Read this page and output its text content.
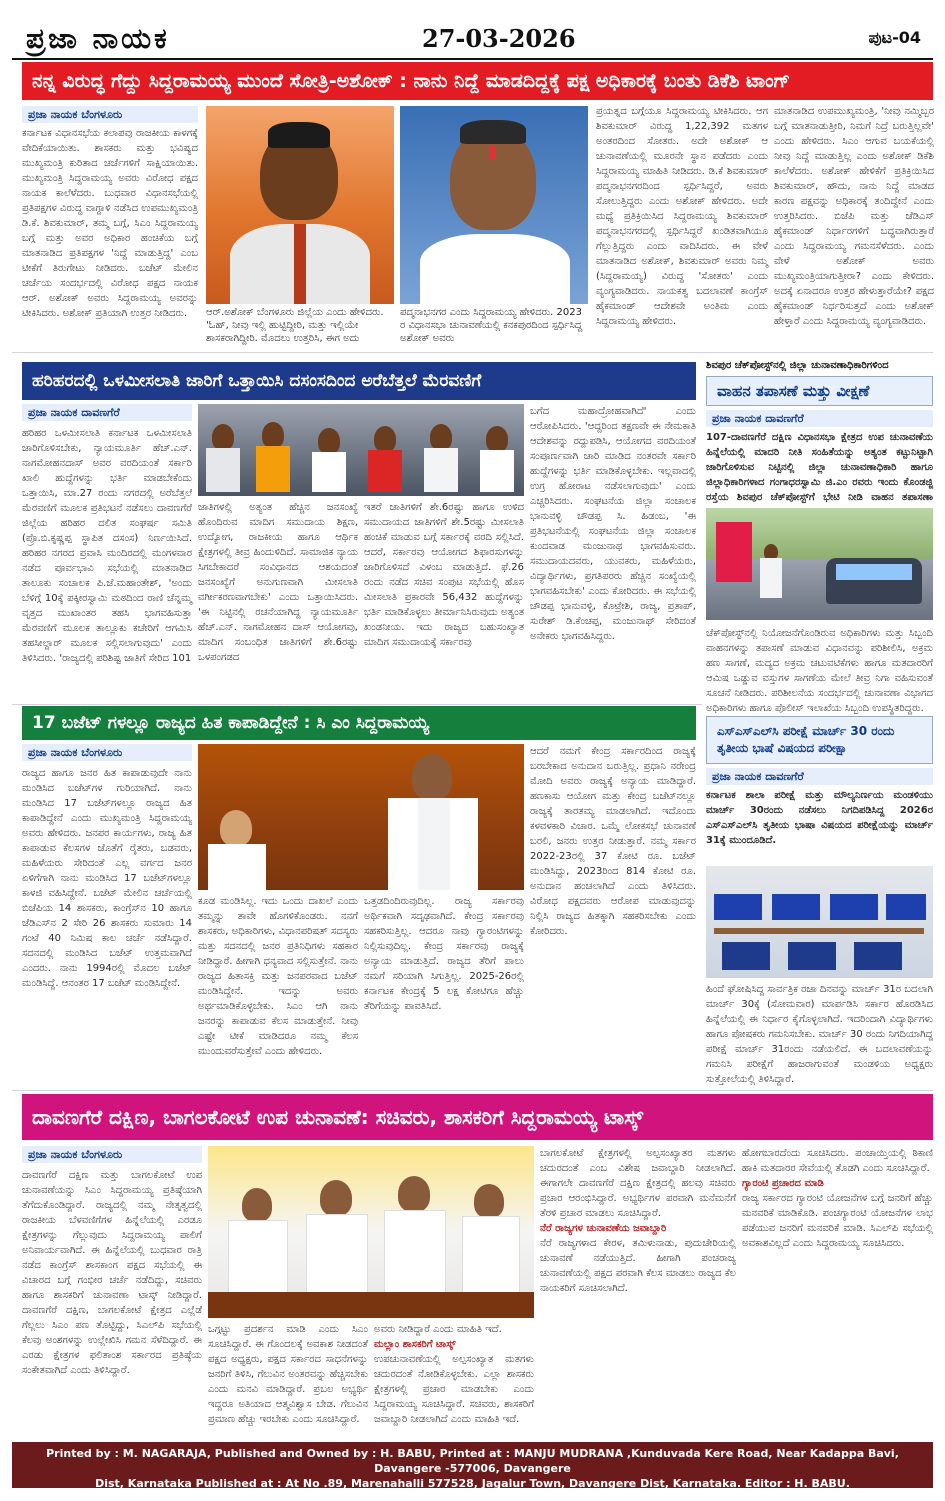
ಪ್ರಜಾ ನಾಯಕ	27-03-2026	ಪುಟ-04
ನನ್ನ ವಿರುದ್ಧ ಗೆದ್ದು ಸಿದ್ದರಾಮಯ್ಯ ಮುಂದೆ ಸೋತ್ರಿ-ಅಶೋಕ್ : ನಾನು ನಿದ್ದೆ ಮಾಡದಿದ್ದಕ್ಕೆ ಪಕ್ಷ ಅಧಿಕಾರಕ್ಕೆ ಬಂತು ಡಿಕೆಶಿ ಟಾಂಗ್
ಪ್ರಜಾ ನಾಯಕ ಬೆಂಗಳೂರು
ಕರ್ನಾಟಕ ವಿಧಾನಸಭೆಯ ಕಲಾಪವು ರಾಜಕೀಯ ಕಾಳಗಕ್ಕೆ ವೇದಿಕೆಯಾಯಿತು. ಶಾಸಕರು ಮತ್ತು ಭವಿಷ್ಯದ ಮುಖ್ಯಮಂತ್ರಿ ಕುರಿತಾದ ಚರ್ಚೆಗಳಿಗೆ ಸಾಕ್ಷಿಯಾಯಿತು. ಮುಖ್ಯಮಂತ್ರಿ ಸಿದ್ದರಾಮಯ್ಯ ಅವರು ವಿರೋಧ ಪಕ್ಷದ ನಾಯಕ ಕಾಲೆಳೆದರು. ಬುಧವಾರ ವಿಧಾನಸಭೆಯಲ್ಲಿ ಪ್ರತಿಪಕ್ಷಗಳ ವಿರುದ್ಧ ವಾಗ್ದಾಳಿ ನಡೆಸಿದ ಉಪಮುಖ್ಯಮಂತ್ರಿ ಡಿ.ಕೆ. ಶಿವಕುಮಾರ್, ತಮ್ಮ ಬಗ್ಗೆ, ಸಿಎಂ ಸಿದ್ದರಾಮಯ್ಯ ಬಗ್ಗೆ ಮತ್ತು ಅವರ ಅಧಿಕಾರ ಹಂಚಿಕೆಯ ಬಗ್ಗೆ ಮಾತನಾಡಿದ ಪ್ರತಿಪಕ್ಷಗಳ 'ನಿದ್ದೆ ಮಾಡುತ್ತಿದ್ದ' ಎಂಬ ಟೀಕೆಗೆ ತಿರುಗೇಟು ನೀಡಿದರು. ಬಜೆಟ್ ಮೇಲಿನ ಚರ್ಚೆಯ ಸಂದರ್ಭದಲ್ಲಿ ವಿರೋಧ ಪಕ್ಷದ ನಾಯಕ ಆರ್. ಅಶೋಕ್ ಅವರು ಸಿದ್ದರಾಮಯ್ಯ ಅವರನ್ನು ಟೀಕಿಸಿದರು. ಅಶೋಕ್ ಪ್ರತಿಯಾಗಿ ಉತ್ತರ ನೀಡಿದರು.	ಆರ್.ಅಶೋಕ್ ಬೆಂಗಳೂರು ಜಿಲ್ಲೆಯ ಎಂದು ಹೇಳಿದರು. 'ಓಹ್, ನೀವು ಇಲ್ಲಿ ಹುಟ್ಟಿದ್ದೀರಿ, ಮತ್ತು ಇಲ್ಲಿಯೇ ಶಾಸಕರಾಗಿದ್ದೀರಿ. ಮೊದಲು ಉತ್ತರಿಸಿ, ಈಗ ಅದು
ಪದ್ಮನಾಭನಗರ ಎಂದು ಸಿದ್ದರಾಮಯ್ಯ ಹೇಳಿದರು. 2023 ರ ವಿಧಾನಸಭಾ ಚುನಾವಣೆಯಲ್ಲಿ ಕನಕಪುರದಿಂದ ಸ್ಪರ್ಧಿಸಿದ್ದ ಅಶೋಕ್ ಅವರು
ಪ್ರಯತ್ನದ ಬಗ್ಗೆಯೂ ಸಿದ್ದರಾಮಯ್ಯ ಟೀಕಿಸಿದರು. ಆಗ ಶಿವಕುಮಾರ್ ವಿರುದ್ಧ 1,22,392 ಮತಗಳ ಅಂತರದಿಂದ ಸೋತರು. ಅದೇ ಅಶೋಕ್ ಆ ಚುನಾವಣೆಯಲ್ಲಿ ಮೂರನೇ ಸ್ಥಾನ ಪಡೆದರು ಎಂದು ಸಿದ್ದರಾಮಯ್ಯ ಮಾಹಿತಿ ನೀಡಿದರು. ಡಿ.ಕೆ ಶಿವಕುಮಾರ್ ಪದ್ಮನಾಭನಗರದಿಂದ ಸ್ಪರ್ಧಿಸಿದ್ದರೆ, ಅವರು ಸೋಲುತ್ತಿದ್ದರು ಎಂದು ಅಶೋಕ್ ಹೇಳಿದರು. ಅದೇ ಮಧ್ಯೆ ಪ್ರತಿಕ್ರಿಯಿಸಿದ ಸಿದ್ದರಾಮಯ್ಯ ಶಿವಕುಮಾರ್ ಪದ್ಮನಾಭನಗರದಲ್ಲಿ ಸ್ಪರ್ಧಿಸಿದ್ದರೆ ಖಂಡಿತವಾಗಿಯೂ ಗೆಲ್ಲುತ್ತಿದ್ದರು ಎಂದು ವಾದಿಸಿದರು. ಈ ವೇಳೆ ಮಾತನಾಡಿದ ಅಶೋಕ್, ಶಿವಕುಮಾರ್ ಅವರು ನಿಮ್ಮ (ಸಿದ್ದರಾಮಯ್ಯ) ವಿರುದ್ಧ 'ಸೋತರು' ಎಂದು ವ್ಯಂಗ್ಯವಾಡಿದರು. ನಾಯಕತ್ವ ಬದಲಾವಣೆ ಕಾಂಗ್ರೆಸ್ ಹೈಕಮಾಂಡ್ ಆದೇಶವೇ ಅಂತಿಮ ಎಂದು ಸಿದ್ದರಾಮಯ್ಯ ಹೇಳಿದರು.
ಮಾತನಾಡಿದ ಉಪಮುಖ್ಯಮಂತ್ರಿ, 'ನೀವು ನಮ್ಮಿಬ್ಬರ ಬಗ್ಗೆ ಮಾತನಾಡುತ್ತೀರಿ, ನಿಮಗೆ ನಿದ್ರೆ ಬರುತ್ತಿಲ್ಲವೇ' ಎಂದು ಹೇಳಿದರು. ಸಿಎಂ ಆಗುವ ಬಯಕೆಯಲ್ಲಿ ನೀವು ನಿದ್ದೆ ಮಾಡುತ್ತಿಲ್ಲ ಎಂದು ಅಶೋಕ್ ಡಿಕೆಶಿ ಕಾಲೆಳೆದರು. ಅಶೋಕ್ ಹೇಳಿಕೆಗೆ ಪ್ರತಿಕ್ರಿಯಿಸಿದ ಶಿವಕುಮಾರ್, ಹೌದು, ನಾನು ನಿದ್ದೆ ಮಾಡದ ಕಾರಣ ಪಕ್ಷವನ್ನು ಅಧಿಕಾರಕ್ಕೆ ತಂದಿದ್ದೇನೆ ಎಂದು ಉತ್ತರಿಸಿದರು. ಬಿಜೆಪಿ ಮತ್ತು ಜೆಡಿಎಸ್ ಹೈಕಮಾಂಡ್ ನಿರ್ಧಾರಗಳಿಗೆ ಬದ್ಧವಾಗಿರುತ್ತಾರೆ ಎಂದು ಸಿದ್ದರಾಮಯ್ಯ ಗಮನಸೆಳೆದರು. ಎಂದು ವೇಳೆ ಅಶೋಕ್ ಅವರು ಮುಖ್ಯಮಂತ್ರಿಯಾಗುತ್ತೀರಾ? ಎಂದು ಕೇಳಿದರು. ಅದಕ್ಕೆ ಏನಾದರೂ ಉತ್ತರ ಹೇಳುತ್ತಾರೆಯೇ? ಪಕ್ಷದ ಹೈಕಮಾಂಡ್ ನಿರ್ಧರಿಸುತ್ತದೆ ಎಂದು ಅಶೋಕ್ ಹೇಳ್ತಾರೆ ಎಂದು ಸಿದ್ದರಾಮಯ್ಯ ವ್ಯಂಗ್ಯವಾಡಿದರು.
ಹರಿಹರದಲ್ಲಿ ಒಳಮೀಸಲಾತಿ ಜಾರಿಗೆ ಒತ್ತಾಯಿಸಿ ದಸಂಸದಿಂದ ಅರೆಬೆತ್ತಲೆ ಮೆರವಣಿಗೆ
ಪ್ರಜಾ ನಾಯಕ ದಾವಣಗೆರೆ
ಹರಿಹರ ಒಳಮೀಸಲಾತಿ ಕರ್ನಾಟಕ ಒಳಮೀಸಲಾತಿ ಜಾರಿಗೊಳಿಸಬೇಕು, ನ್ಯಾಯಮೂರ್ತಿ ಹೆಚ್.ಎನ್. ನಾಗಮೋಹನದಾಸ್ ಅವರ ವರದಿಯಂತೆ ಸರ್ಕಾರಿ ಖಾಲಿ ಹುದ್ದೆಗಳನ್ನು ಭರ್ತಿ ಮಾಡಬೇಕೆಂದು ಒತ್ತಾಯಿಸಿ, ಮಾ.27 ರಂದು ನಗರದಲ್ಲಿ ಅರೆಬೆತ್ತಲೆ ಮೆರವಣಿಗೆ ಮೂಲಕ ಪ್ರತಿಭಟನೆ ನಡೆಸಲು ದಾವಣಗೆರೆ ಜಿಲ್ಲೆಯ ಹರಿಹರ ದಲಿತ ಸಂಘರ್ಷ ಸಮಿತಿ (ಪ್ರೊ.ಬಿ.ಕೃಷ್ಣಪ್ಪ ಸ್ಥಾಪಿತ ದಸಂಸ) ನಿರ್ಣಯಿಸಿದೆ. ಹರಿಹರ ನಗರದ ಪ್ರವಾಸಿ ಮಂದಿರದಲ್ಲಿ ಮಂಗಳವಾರ ನಡೆದ ಪೂರ್ವಭಾವಿ ಸಭೆಯಲ್ಲಿ ಮಾತನಾಡಿದ ತಾಲೂಕು ಸಂಚಾಲಕ ಪಿ.ಜೆ.ಮಹಾಂತೇಶ್, 'ಅಂದು ಬೆಳಿಗ್ಗೆ 10ಕ್ಕೆ ಪಕ್ಕೀರಸ್ವಾಮಿ ಮಠದಿಂದ ರಾಣಿ ಚೆನ್ನಮ್ಮ ವೃತ್ತದ ಮುಖಾಂತರ ತಹಸಿ ಭಾಗವಹಿಸುತ್ತಾ ಮೆರವಣಿಗೆ ಮೂಲಕ ತಾಲ್ಲೂಕು ಕಚೇರಿಗೆ ಆಗಮಿಸಿ ತಹಸೀಲ್ದಾರ್ ಮೂಲಕ ಸಲ್ಲಿಸಲಾಗುವುದು' ಎಂದು ತಿಳಿಸಿದರು. 'ರಾಜ್ಯದಲ್ಲಿ ಪರಿಶಿಷ್ಟ ಜಾತಿಗೆ ಸೇರಿದ 101
ಜಾತಿಗಳಲ್ಲಿ ಅತ್ಯಂತ ಹೆಚ್ಚಿನ ಜನಸಂಖ್ಯೆ ಹೊಂದಿರುವ ಮಾದಿಗ ಸಮುದಾಯ ಶಿಕ್ಷಣ, ಉದ್ಯೋಗ, ರಾಜಕೀಯ ಹಾಗೂ ಆರ್ಥಿಕ ಕ್ಷೇತ್ರಗಳಲ್ಲಿ ತೀವ್ರ ಹಿಂದುಳಿದಿದೆ. ಸಾಮಾಜಿಕ ನ್ಯಾಯ ಸಿಗಬೇಕಾದರೆ ಸಂವಿಧಾನದ ಆಶಯದಂತೆ ಜನಸಂಖ್ಯೆಗೆ ಅನುಗುಣವಾಗಿ ಮೀಸಲಾತಿ ವರ್ಗೀಕರಣವಾಗಬೇಕು' ಎಂದು ಒತ್ತಾಯಿಸಿದರು. 'ಈ ನಿಟ್ಟಿನಲ್ಲಿ ರಚನೆಯಾಗಿದ್ದ ನ್ಯಾಯಮೂರ್ತಿ ಹೆಚ್.ಎನ್. ನಾಗಮೋಹನ ದಾಸ್ ಆಯೋಗವು, ಮಾದಿಗ ಸಂಬಂಧಿತ ಜಾತಿಗಳಿಗೆ ಶೇ.6ರಷ್ಟು ಒಳಪಂಗಡದ
ಇತರೆ ಜಾತಿಗಳಿಗೆ ಶೇ.6ರಷ್ಟು ಹಾಗೂ ಉಳಿದ ಸಮುದಾಯದ ಜಾತಿಗಳಿಗೆ ಶೇ.5ರಷ್ಟು ಮೀಸಲಾತಿ ಹಂಚಿಕೆ ಮಾಡುವ ಬಗ್ಗೆ ಸರ್ಕಾರಕ್ಕೆ ವರದಿ ಸಲ್ಲಿಸಿದೆ. ಆದರೆ, ಸರ್ಕಾರವು ಆಯೋಗದ ಶಿಫಾರಸುಗಳನ್ನು ಜಾರಿಗೊಳಿಸದೆ ವಿಳಂಬ ಮಾಡುತ್ತಿದೆ. ಫೆ.26 ರಂದು ನಡೆದ ಸಚಿವ ಸಂಪುಟ ಸಭೆಯಲ್ಲಿ ಹೊಸ ಮೀಸಲಾತಿ ಪ್ರಕಾರವೇ 56,432 ಹುದ್ದೆಗಳನ್ನು ಭರ್ತಿ ಮಾಡಿಕೊಳ್ಳಲು ತೀರ್ಮಾನಿಸಿರುವುದು ಅತ್ಯಂತ ಖಂಡನೀಯ. ಇದು ರಾಜ್ಯದ ಬಹುಸಂಖ್ಯಾತ ಮಾದಿಗ ಸಮುದಾಯಕ್ಕೆ ಸರ್ಕಾರವು
ಬಗೆದ ಮಹಾದ್ರೋಹವಾಗಿದೆ' ಎಂದು ಆರೋಪಿಸಿದರು. 'ಆದ್ದರಿಂದ ತಕ್ಷಣವೇ ಈ ನೇಮಕಾತಿ ಆದೇಶವನ್ನು ರದ್ದುಪಡಿಸಿ, ಆಯೋಗದ ವರದಿಯಂತೆ ಸಂಪೂರ್ಣವಾಗಿ ಜಾರಿ ಮಾಡಿದ ನಂತರವೇ ಸರ್ಕಾರಿ ಹುದ್ದೆಗಳನ್ನು ಭರ್ತಿ ಮಾಡಿಕೊಳ್ಳಬೇಕು. ಇಲ್ಲವಾದಲ್ಲಿ ಉಗ್ರ ಹೋರಾಟ ನಡೆಸಲಾಗುವುದು' ಎಂದು ಎಚ್ಚರಿಸಿದರು. ಸಂಘಟನೆಯ ಜಿಲ್ಲಾ ಸಂಚಾಲಕ ಭಾನುವಳ್ಳಿ ಚೌಡಪ್ಪ ಸಿ. ಹಿಡಂಬ, 'ಈ ಪ್ರತಿಭಟನೆಯಲ್ಲಿ ಸಂಘಟನೆಯ ಜಿಲ್ಲಾ ಸಂಚಾಲಕ ಕುಂದವಾಡ ಮಂಜುನಾಥ ಭಾಗವಹಿಸುವರು. ಸಮುದಾಯದವರು, ಯುವಕರು, ಮಹಿಳೆಯರು, ವಿದ್ಯಾರ್ಥಿಗಳು, ಪ್ರಗತಿಪರರು ಹೆಚ್ಚಿನ ಸಂಖ್ಯೆಯಲ್ಲಿ ಭಾಗವಹಿಸಬೇಕು' ಎಂದು ಕೋರಿದರು. ಈ ಸಭೆಯಲ್ಲಿ ಚೌಡಪ್ಪ ಭಾನುವಳ್ಳಿ, ಕೊಟ್ರೇಶಿ, ರಾಜ್ಯ, ಪ್ರತಾಪ್, ಸುರೇಶ್ ಡಿ.ಕೆಂಚಪ್ಪ, ಮಂಜುನಾಥ್ ಸೇರಿದಂತೆ ಅನೇಕರು ಭಾಗವಹಿಸಿದ್ದರು.
ಶಿವಪುರ ಚೆಕ್‌ಪೋಸ್ಟ್‌ನಲ್ಲಿ ಜಿಲ್ಲಾ ಚುನಾವಣಾಧಿಕಾರಿಗಳಿಂದ
ವಾಹನ ತಪಾಸಣೆ ಮತ್ತು ವೀಕ್ಷಣೆ
ಪ್ರಜಾ ನಾಯಕ ದಾವಣಗೆರೆ
107-ದಾವಣಗೆರೆ ದಕ್ಷಿಣ ವಿಧಾನಸಭಾ ಕ್ಷೇತ್ರದ ಉಪ ಚುನಾವಣೆಯ ಹಿನ್ನೆಲೆಯಲ್ಲಿ ಮಾದರಿ ನೀತಿ ಸಂಹಿತೆಯನ್ನು ಅತ್ಯಂತ ಕಟ್ಟುನಿಟ್ಟಾಗಿ ಜಾರಿಗೊಳಿಸುವ ನಿಟ್ಟಿನಲ್ಲಿ ಜಿಲ್ಲಾ ಚುನಾವಣಾಧಿಕಾರಿ ಹಾಗೂ ಜಿಲ್ಲಾಧಿಕಾರಿಗಳಾದ ಗಂಗಾಧರಸ್ವಾಮಿ ಜಿ.ಎಂ ರವರು ಇಂದು ಕೊಂಡಜ್ಜಿ ರಸ್ತೆಯ ಶಿವಪುರ ಚೆಕ್‌ಪೋಸ್ಟ್‌ಗೆ ಭೇಟಿ ನೀಡಿ ವಾಹನ ತಪಾಸಣಾ
ಚೆಕ್‌ಪೋಸ್ಟ್‌ನಲ್ಲಿ ನಿಯೋಜನೆಗೊಂಡಿರುವ ಅಧಿಕಾರಿಗಳು ಮತ್ತು ಸಿಬ್ಬಂದಿ ವಾಹನಗಳನ್ನು ತಪಾಸಣೆ ಮಾಡುವ ವಿಧಾನವನ್ನು ಪರಿಶೀಲಿಸಿ, ಅಕ್ರಮ ಹಣ ಸಾಗಣೆ, ಮದ್ಯದ ಅಕ್ರಮ ಚಟುವಟಿಕೆಗಳು ಹಾಗೂ ಮತದಾರರಿಗೆ ಆಮಿಷ ಒಡ್ಡುವ ವಸ್ತುಗಳ ಸಾಗಣೆಯ ಮೇಲೆ ತೀವ್ರ ನಿಗಾ ವಹಿಸುವಂತೆ ಸೂಚನೆ ನೀಡಿದರು. ಪರಿಶೀಲನೆಯ ಸಂದರ್ಭದಲ್ಲಿ ಚುನಾವಣಾ ವಿಭಾಗದ ಅಧಿಕಾರಿಗಳು ಹಾಗೂ ಪೊಲೀಸ್ ಇಲಾಖೆಯ ಸಿಬ್ಬಂದಿ ಉಪಸ್ಥಿತರಿದ್ದರು.
17 ಬಜೆಟ್ ಗಳಲ್ಲೂ ರಾಜ್ಯದ ಹಿತ ಕಾಪಾಡಿದ್ದೇನೆ : ಸಿ ಎಂ ಸಿದ್ದರಾಮಯ್ಯ
ಪ್ರಜಾ ನಾಯಕ ಬೆಂಗಳೂರು
ರಾಜ್ಯದ ಹಾಗೂ ಜನರ ಹಿತ ಕಾಪಾಡುವುದೇ ನಾನು ಮಂಡಿಸಿದ ಬಜೆಟ್‌ಗಳ ಗುರಿಯಾಗಿದೆ. ನಾನು ಮಂಡಿಸಿದ 17 ಬಜೆಟ್‌ಗಳಲ್ಲೂ ರಾಜ್ಯದ ಹಿತ ಕಾಪಾಡಿದ್ದೇನೆ ಎಂದು ಮುಖ್ಯಮಂತ್ರಿ ಸಿದ್ದರಾಮಯ್ಯ ಅವರು ಹೇಳಿದರು. ಜನಪರ ಕಾರ್ಯಗಳು, ರಾಜ್ಯ ಹಿತ ಕಾಪಾಡುವ ಕೆಲಸಗಳ ಜೊತೆಗೆ ರೈತರು, ಬಡವರು, ಮಹಿಳೆಯರು ಸೇರಿದಂತೆ ಎಲ್ಲ ವರ್ಗದ ಜನರ ಏಳಿಗೆಗಾಗಿ ನಾನು ಮಂಡಿಸಿದ 17 ಬಜೆಟ್‌ಗಳಲ್ಲೂ ಕಾಳಜಿ ವಹಿಸಿದ್ದೇನೆ. ಬಜೆಟ್ ಮೇಲಿನ ಚರ್ಚೆಯಲ್ಲಿ ಬಿಜೆಪಿಯ 14 ಶಾಸಕರು, ಕಾಂಗ್ರೆಸ್‌ನ 10 ಹಾಗೂ ಜೆಡಿಎಸ್‌ನ 2 ಸೇರಿ 26 ಶಾಸಕರು ಸುಮಾರು 14 ಗಂಟೆ 40 ನಿಮಿಷ ಕಾಲ ಚರ್ಚೆ ನಡೆಸಿದ್ದಾರೆ. ಸದನದಲ್ಲಿ ಮಂಡಿಸಿದ ಬಜೆಟ್ ಉತ್ತಮವಾಗಿದೆ ಎಂದರು. ನಾನು 1994ರಲ್ಲಿ ಮೊದಲ ಬಜೆಟ್ ಮಂಡಿಸಿದ್ದೆ. ಆನಂತರ 17 ಬಜೆಟ್ ಮಂಡಿಸಿದ್ದೇನೆ.
ಕೂಡ ಮಂಡಿಸಿಲ್ಲ. ಇದು ಒಂದು ದಾಖಲೆ ಎಂದು ತಮ್ಮನ್ನು ತಾವೇ ಹೊಗಳಿಕೊಂಡರು. ನನಗೆ ಶಾಸಕರು, ಅಧಿಕಾರಿಗಳು, ವಿಧಾನಪರಿಷತ್ ಸದಸ್ಯರು ಮತ್ತು ಸದನದಲ್ಲಿ ಜನರ ಪ್ರತಿನಿಧಿಗಳು ಸಹಕಾರ ನೀಡಿದ್ದಾರೆ. ಹೀಗಾಗಿ ಧನ್ಯವಾದ ಸಲ್ಲಿಸುತ್ತೇನೆ. ನಾನು ರಾಜ್ಯದ ಹಿತಾಸಕ್ತಿ ಮತ್ತು ಜನಪರವಾದ ಬಜೆಟ್ ಮಂಡಿಸಿದ್ದೇನೆ. ಇದನ್ನು ಅವರು ಅರ್ಥಮಾಡಿಕೊಳ್ಳಬೇಕು. ಸಿಎಂ ಆಗಿ ನಾನು ಜನರನ್ನು ಕಾಪಾಡುವ ಕೆಲಸ ಮಾಡುತ್ತೇನೆ. ನೀವು ಎಷ್ಟೇ ಟೀಕೆ ಮಾಡಿದರೂ ನಮ್ಮ ಕೆಲಸ ಮುಂದುವರೆಸುತ್ತೇವೆ ಎಂದು ಹೇಳಿದರು.
ಒತ್ತಡದಿಂದಿರುವುದಿಲ್ಲ. ರಾಜ್ಯ ಸರ್ಕಾರವು ಅರ್ಥಿಕವಾಗಿ ಸದೃಢವಾಗಿದೆ. ಕೇಂದ್ರ ಸರ್ಕಾರವು ಸಹಕರಿಸುತ್ತಿಲ್ಲ. ಆದರೂ ನಾವು ಗ್ಯಾರಂಟಿಗಳನ್ನು ನಿಲ್ಲಿಸುವುದಿಲ್ಲ. ಕೇಂದ್ರ ಸರ್ಕಾರವು ರಾಜ್ಯಕ್ಕೆ ಅನ್ಯಾಯ ಮಾಡುತ್ತಿದೆ. ರಾಜ್ಯದ ತೆರಿಗೆ ಪಾಲು ನಮಗೆ ಸರಿಯಾಗಿ ಸಿಗುತ್ತಿಲ್ಲ. 2025-26ರಲ್ಲಿ ಕರ್ನಾಟಕ ಕೇಂದ್ರಕ್ಕೆ 5 ಲಕ್ಷ ಕೋಟಿಗೂ ಹೆಚ್ಚು ತೆರಿಗೆಯನ್ನು ಪಾವತಿಸಿದೆ.
ಆದರೆ ನಮಗೆ ಕೇಂದ್ರ ಸರ್ಕಾರದಿಂದ ರಾಜ್ಯಕ್ಕೆ ಬರಬೇಕಾದ ಅನುದಾನ ಬರುತ್ತಿಲ್ಲ. ಪ್ರಧಾನಿ ನರೇಂದ್ರ ಮೋದಿ ಅವರು ರಾಜ್ಯಕ್ಕೆ ಅನ್ಯಾಯ ಮಾಡಿದ್ದಾರೆ. ಹಣಕಾಸು ಆಯೋಗ ಮತ್ತು ಕೇಂದ್ರ ಬಜೆಟ್‌ನಲ್ಲೂ ರಾಜ್ಯಕ್ಕೆ ತಾರತಮ್ಯ ಮಾಡಲಾಗಿದೆ. ಇದೊಂದು ಕಳವಳಕಾರಿ ವಿಚಾರ. ಒಮ್ಮೆ ಲೋಕಸಭೆ ಚುನಾವಣೆ ಬರಲಿ, ಜನರು ಉತ್ತರ ನೀಡುತ್ತಾರೆ. ನಮ್ಮ ಸರ್ಕಾರ 2022-23ರಲ್ಲಿ 37 ಕೋಟಿ ರೂ. ಬಜೆಟ್ ಮಂಡಿಸಿದ್ದು, 2023ರಿಂದ 814 ಕೋಟಿ ರೂ. ಅನುದಾನ ಹಂಚಲಾಗಿದೆ ಎಂದು ತಿಳಿಸಿದರು. ವಿರೋಧ ಪಕ್ಷದವರು ಆರೋಪ ಮಾಡುವುದನ್ನು ನಿಲ್ಲಿಸಿ ರಾಜ್ಯದ ಹಿತಕ್ಕಾಗಿ ಸಹಕರಿಸಬೇಕು ಎಂದು ಕೋರಿದರು.
ಎಸ್‌ಎಸ್‌ಎಲ್‌ಸಿ ಪರೀಕ್ಷೆ ಮಾರ್ಚ್ 30 ರಂದು ತೃತೀಯ ಭಾಷೆ ವಿಷಯದ ಪರೀಕ್ಷಾ
ಪ್ರಜಾ ನಾಯಕ ದಾವಣಗೆರೆ
ಕರ್ನಾಟಕ ಶಾಲಾ ಪರೀಕ್ಷೆ ಮತ್ತು ಮೌಲ್ಯನಿರ್ಣಯ ಮಂಡಳಿಯು ಮಾರ್ಚ್ 30ರಂದು ನಡೆಸಲು ನಿಗದಿಪಡಿಸಿದ್ದ 2026ರ ಎಸ್‌ಎಸ್‌ಎಲ್‌ಸಿ ತೃತೀಯ ಭಾಷಾ ವಿಷಯದ ಪರೀಕ್ಷೆಯನ್ನು ಮಾರ್ಚ್ 31ಕ್ಕೆ ಮುಂದೂಡಿದೆ.
ಹಿಂದೆ ಘೋಷಿಸಿದ್ದ ಸಾರ್ವತ್ರಿಕ ರಜಾ ದಿನವನ್ನು ಮಾರ್ಚ್ 31ರ ಬದಲಾಗಿ ಮಾರ್ಚ್ 30ಕ್ಕೆ (ಸೋಮವಾರ) ಮಾರ್ಪಡಿಸಿ ಸರ್ಕಾರ ಹೊರಡಿಸಿದ ಹಿನ್ನೆಲೆಯಲ್ಲಿ ಈ ನಿರ್ಧಾರ ಕೈಗೊಳ್ಳಲಾಗಿದೆ. ಇದರಿಂದಾಗಿ ವಿದ್ಯಾರ್ಥಿಗಳು ಹಾಗೂ ಪೋಷಕರು ಗಮನಿಸಬೇಕು. ಮಾರ್ಚ್ 30 ರಂದು ನಿಗದಿಯಾಗಿದ್ದ ಪರೀಕ್ಷೆ ಮಾರ್ಚ್ 31ರಂದು ನಡೆಯಲಿದೆ. ಈ ಬದಲಾವಣೆಯನ್ನು ಗಮನಿಸಿ ಪರೀಕ್ಷೆಗೆ ಹಾಜರಾಗುವಂತೆ ಮಂಡಳಿಯ ಅಧ್ಯಕ್ಷರು ಸುತ್ತೋಲೆಯಲ್ಲಿ ತಿಳಿಸಿದ್ದಾರೆ.
ದಾವಣಗೆರೆ ದಕ್ಷಿಣ, ಬಾಗಲಕೋಟೆ ಉಪ ಚುನಾವಣೆ: ಸಚಿವರು, ಶಾಸಕರಿಗೆ ಸಿದ್ದರಾಮಯ್ಯ ಟಾಸ್ಕ್
ಪ್ರಜಾ ನಾಯಕ ಬೆಂಗಳೂರು
ದಾವಣಗೆರೆ ದಕ್ಷಿಣ ಮತ್ತು ಬಾಗಲಕೋಟೆ ಉಪ ಚುನಾವಣೆಯನ್ನು ಸಿಎಂ ಸಿದ್ದರಾಮಯ್ಯ ಪ್ರತಿಷ್ಠೆಯಾಗಿ ತೆಗೆದುಕೊಂಡಿದ್ದಾರೆ. ರಾಜ್ಯದಲ್ಲಿ ನಮ್ಮ ನೇತೃತ್ವದಲ್ಲಿ ರಾಜಕೀಯ ಬೆಳವಣಿಗೆಗಳ ಹಿನ್ನೆಲೆಯಲ್ಲಿ ಎರಡೂ ಕ್ಷೇತ್ರಗಳನ್ನು ಗೆಲ್ಲುವುದು ಸಿದ್ದರಾಮಯ್ಯ ಪಾಲಿಗೆ ಅನಿವಾರ್ಯವಾಗಿದೆ. ಈ ಹಿನ್ನೆಲೆಯಲ್ಲಿ ಬುಧವಾರ ರಾತ್ರಿ ನಡೆದ ಕಾಂಗ್ರೆಸ್ ಶಾಸಕಾಂಗ ಪಕ್ಷದ ಸಭೆಯಲ್ಲಿ ಈ ವಿಚಾರದ ಬಗ್ಗೆ ಗಂಭೀರ ಚರ್ಚೆ ನಡೆದಿದ್ದು, ಸಚಿವರು ಹಾಗೂ ಶಾಸಕರಿಗೆ ಚುನಾವಣಾ ಟಾಸ್ಕ್ ನೀಡಿದ್ದಾರೆ. ದಾವಣಗೆರೆ ದಕ್ಷಿಣ, ಬಾಗಲಕೋಟೆ ಕ್ಷೇತ್ರದ ಎಲ್ಲೆಡೆ ಗೆಲ್ಲಲು ಸಿಎಂ ಪಣ ತೊಟ್ಟಿದ್ದು, ಸಿಎಲ್‌ಪಿ ಸಭೆಯಲ್ಲಿ ಕೆಲವು ಅಂಶಗಳನ್ನು ಉಲ್ಲೇಖಿಸಿ ಗಮನ ಸೆಳೆದಿದ್ದಾರೆ. ಈ ಎರಡು ಕ್ಷೇತ್ರಗಳ ಫಲಿತಾಂಶ ಸರ್ಕಾರದ ಪ್ರತಿಷ್ಠೆಯ ಸಂಕೇತವಾಗಿದೆ ಎಂದು ತಿಳಿಸಿದ್ದಾರೆ.
ಒಗ್ಗಟ್ಟು ಪ್ರದರ್ಶನ ಮಾಡಿ ಎಂದು ಸಿಎಂ ಸೂಚಿಸಿದ್ದಾರೆ. ಈ ಗೊಂದಲಕ್ಕೆ ಅವಕಾಶ ನೀಡದಂತೆ ಪಕ್ಷದ ಅಧ್ಯಕ್ಷರು, ಪಕ್ಷದ ಸರ್ಕಾರದ ಸಾಧನೆಗಳನ್ನು ಜನರಿಗೆ ತಿಳಿಸಿ, ಗೆಲುವಿನ ಅಂತರವನ್ನು ಹೆಚ್ಚಿಸಬೇಕು ಎಂದು ಮನವಿ ಮಾಡಿದ್ದಾರೆ. ಪ್ರಬಲ ಅಭ್ಯರ್ಥಿ ಇದ್ದರೂ ಅತಿಯಾದ ಆತ್ಮವಿಶ್ವಾಸ ಬೇಡ. ಗೆಲುವಿನ ಪ್ರಮಾಣ ಹೆಚ್ಚು ಇರಬೇಕು ಎಂದು ಸೂಚಿಸಿದ್ದಾರೆ.
ಅವರು ನೀಡಿದ್ದಾರೆ ಎಂದು ಮಾಹಿತಿ ಇದೆ.
ಮಲ್ಲಾಂ ಶಾಸಕರಿಗೆ ಟಾಸ್ಕ್
ಉಪಚುನಾವಣೆಯಲ್ಲಿ ಅಲ್ಪಸಂಖ್ಯಾತ ಮತಗಳು ಚದುರದಂತೆ ನೋಡಿಕೊಳ್ಳಬೇಕು. ಎಲ್ಲಾ ಶಾಸಕರು ಕ್ಷೇತ್ರಗಳಲ್ಲಿ ಪ್ರಚಾರ ಮಾಡಬೇಕು ಎಂದು ಸಿದ್ದರಾಮಯ್ಯ ಸೂಚಿಸಿದ್ದಾರೆ. ಸಚಿವರು, ಶಾಸಕರಿಗೆ ಜವಾಬ್ದಾರಿ ನೀಡಲಾಗಿದೆ ಎಂದು ಮಾಹಿತಿ ಇದೆ.
ಬಾಗಲಕೋಟೆ ಕ್ಷೇತ್ರಗಳಲ್ಲಿ ಅಲ್ಪಸಂಖ್ಯಾತರ ಮತಗಳು ಚದುರದಂತೆ ಎಂಬ ವಿಶೇಷ ಜವಾಬ್ದಾರಿ ನೀಡಲಾಗಿದೆ. ಈಗಾಗಲೇ ದಾವಣಗೆರೆ ದಕ್ಷಿಣ ಕ್ಷೇತ್ರದಲ್ಲಿ ಹಲವು ಸಚಿವರು ಪ್ರಚಾರ ಆರಂಭಿಸಿದ್ದಾರೆ. ಅಭ್ಯರ್ಥಿಗಳ ಪರವಾಗಿ ಮನೆಮನೆಗೆ ತೆರಳಿ ಪ್ರಚಾರ ಮಾಡಲು ಸೂಚಿಸಿದ್ದಾರೆ.
ನೆರೆ ರಾಜ್ಯಗಳ ಚುನಾವಣೆಯ ಜವಾಬ್ದಾರಿ
ನೆರೆ ರಾಜ್ಯಗಳಾದ ಕೇರಳ, ತಮಿಳುನಾಡು, ಪುದುಚೇರಿಯಲ್ಲಿ ಚುನಾವಣೆ ನಡೆಯುತ್ತಿದೆ. ಹೀಗಾಗಿ ಪಂಚರಾಜ್ಯ ಚುನಾವಣೆಯಲ್ಲಿ ಪಕ್ಷದ ಪರವಾಗಿ ಕೆಲಸ ಮಾಡಲು ರಾಜ್ಯದ ಕೆಲ ನಾಯಕರಿಗೆ ಸೂಚಿಸಲಾಗಿದೆ.
ಹೋಗಬಾರದೆಂದು ಸೂಚಿಸಿದರು. ಪಂಚಾಯ್ತಿಯಲ್ಲಿ ಠಿಕಾಣಿ ಹಾಕಿ ಮತದಾರರ ಸೇವೆಯಲ್ಲಿ ತೊಡಗಿ ಎಂದು ಸೂಚಿಸಿದ್ದಾರೆ.
ಗ್ಯಾರಂಟಿ ಪ್ರಚಾರದ ಮಾಡಿ
ರಾಜ್ಯ ಸರ್ಕಾರದ ಗ್ಯಾರಂಟಿ ಯೋಜನೆಗಳ ಬಗ್ಗೆ ಜನರಿಗೆ ಹೆಚ್ಚು ಮನವರಿಕೆ ಮಾಡಿಕೊಡಿ. ಪಂಚಗ್ಯಾರಂಟಿ ಯೋಜನೆಗಳ ಲಾಭ ಪಡೆಯುವ ಜನರಿಗೆ ಮನವರಿಕೆ ಮಾಡಿ. ಸಿಎಲ್‌ಪಿ ಸಭೆಯಲ್ಲಿ ಅವಕಾಶವಿಲ್ಲದೆ ಎಂದು ಸಿದ್ದರಾಮಯ್ಯ ಸೂಚಿಸಿದರು.
Printed by : M. NAGARAJA, Published and Owned by : H. BABU, Printed at : MANJU MUDRANA ,Kunduvada Kere Road, Near Kadappa Bavi, Davangere -577006, Davangere
Dist, Karnataka Published at : At No .89, Marenahalli 577528, Jagalur Town, Davangere Dist, Karnataka. Editor : H. BABU.
